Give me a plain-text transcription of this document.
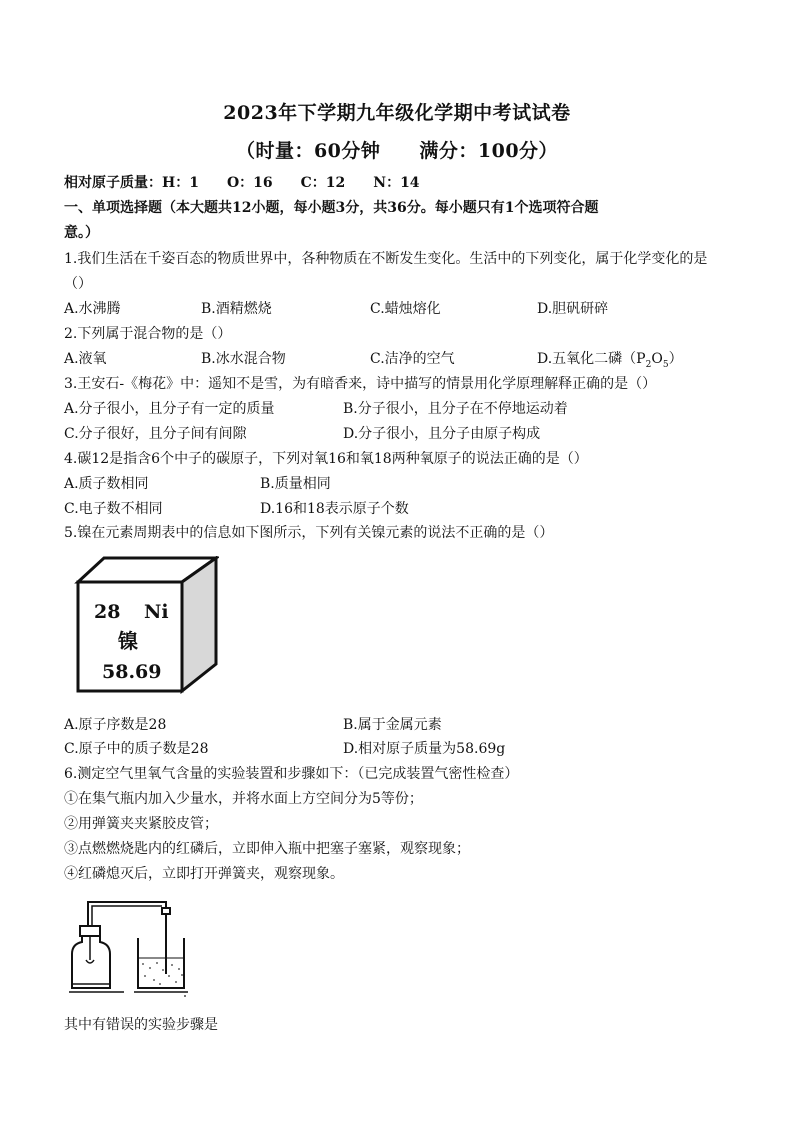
2023年下学期九年级化学期中考试试卷
（时量：60分钟　　满分：100分）
相对原子质量：H：1　　O：16　　C：12　　N：14
一、单项选择题（本大题共12小题，每小题3分，共36分。每小题只有1个选项符合题
意。）
1.我们生活在千姿百态的物质世界中，各种物质在不断发生变化。生活中的下列变化，属于化学变化的是
（）
A.水沸腾	B.酒精燃烧	C.蜡烛熔化	D.胆矾研碎
2.下列属于混合物的是（）
A.液氧	B.冰水混合物	C.洁净的空气	D.五氧化二磷$(P_2O_5)$
3.王安石-《梅花》中：遥知不是雪，为有暗香来，诗中描写的情景用化学原理解释正确的是（）
A.分子很小，且分子有一定的质量	B.分子很小，且分子在不停地运动着
C.分子很好，且分子间有间隙	D.分子很小，且分子由原子构成
4.碳12是指含6个中子的碳原子，下列对氧16和氧18两种氧原子的说法正确的是（）
A.质子数相同	B.质量相同
C.电子数不相同	D.16和18表示原子个数
5.镍在元素周期表中的信息如下图所示，下列有关镍元素的说法不正确的是（）
28 Ni
镍
58.69
A.原子序数是28	B.属于金属元素
C.原子中的质子数是28	D.相对原子质量为58.69g
6.测定空气里氧气含量的实验装置和步骤如下：（已完成装置气密性检查）
①在集气瓶内加入少量水，并将水面上方空间分为5等份；
②用弹簧夹夹紧胶皮管；
③点燃燃烧匙内的红磷后，立即伸入瓶中把塞子塞紧，观察现象；
④红磷熄灭后，立即打开弹簧夹，观察现象。
其中有错误的实验步骤是
